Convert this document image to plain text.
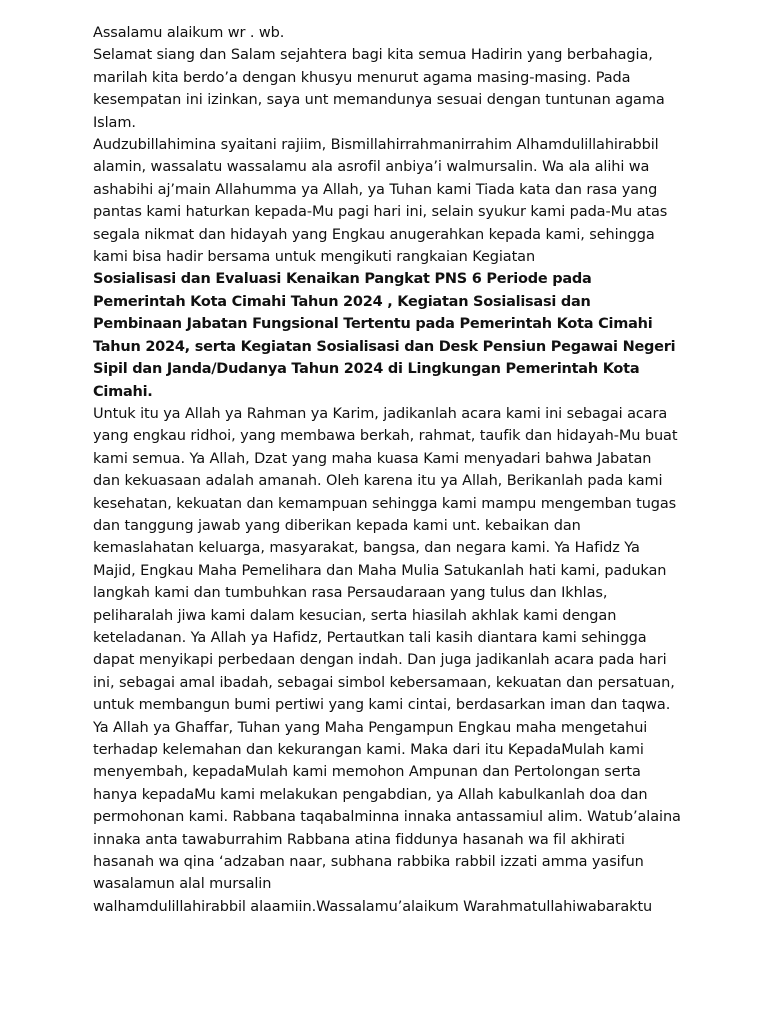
Assalamu alaikum wr . wb.

Selamat siang dan Salam sejahtera bagi kita semua Hadirin yang berbahagia, marilah kita berdo’a dengan khusyu menurut agama masing-masing. Pada kesempatan ini izinkan, saya unt memandunya sesuai dengan tuntunan agama Islam.

Audzubillahimina syaitani rajiim, Bismillahirrahmanirrahim Alhamdulillahirabbil alamin, wassalatu wassalamu ala asrofil anbiya’i walmursalin. Wa ala alihi wa ashabihi aj’main Allahumma ya Allah, ya Tuhan kami Tiada kata dan rasa yang pantas kami haturkan kepada-Mu pagi hari ini, selain syukur kami pada-Mu atas segala nikmat dan hidayah yang Engkau anugerahkan kepada kami, sehingga kami bisa hadir bersama untuk mengikuti rangkaian Kegiatan

Sosialisasi dan Evaluasi Kenaikan Pangkat PNS 6 Periode pada Pemerintah Kota Cimahi Tahun 2024 , Kegiatan Sosialisasi dan Pembinaan Jabatan Fungsional Tertentu pada Pemerintah Kota Cimahi Tahun 2024, serta Kegiatan Sosialisasi dan Desk Pensiun Pegawai Negeri Sipil dan Janda/Dudanya Tahun 2024 di Lingkungan Pemerintah Kota Cimahi.

Untuk itu ya Allah ya Rahman ya Karim, jadikanlah acara kami ini sebagai acara yang engkau ridhoi, yang membawa berkah, rahmat, taufik dan hidayah-Mu buat kami semua. Ya Allah, Dzat yang maha kuasa Kami menyadari bahwa Jabatan dan kekuasaan adalah amanah. Oleh karena itu ya Allah, Berikanlah pada kami kesehatan, kekuatan dan kemampuan sehingga kami mampu mengemban tugas dan tanggung jawab yang diberikan kepada kami unt. kebaikan dan kemaslahatan keluarga, masyarakat, bangsa, dan negara kami. Ya Hafidz Ya Majid, Engkau Maha Pemelihara dan Maha Mulia Satukanlah hati kami, padukan langkah kami dan tumbuhkan rasa Persaudaraan yang tulus dan Ikhlas, peliharalah jiwa kami dalam kesucian, serta hiasilah akhlak kami dengan keteladanan. Ya Allah ya Hafidz, Pertautkan tali kasih diantara kami sehingga dapat menyikapi perbedaan dengan indah. Dan juga jadikanlah acara pada hari ini, sebagai amal ibadah, sebagai simbol kebersamaan, kekuatan dan persatuan, untuk membangun bumi pertiwi yang kami cintai, berdasarkan iman dan taqwa. Ya Allah ya Ghaffar, Tuhan yang Maha Pengampun Engkau maha mengetahui terhadap kelemahan dan kekurangan kami. Maka dari itu KepadaMulah kami menyembah, kepadaMulah kami memohon Ampunan dan Pertolongan serta hanya kepadaMu kami melakukan pengabdian, ya Allah kabulkanlah doa dan permohonan kami. Rabbana taqabalminna innaka antassamiul alim. Watub’alaina innaka anta tawaburrahim Rabbana atina fiddunya hasanah wa fil akhirati hasanah wa qina ‘adzaban naar, subhana rabbika rabbil izzati amma yasifun wasalamun alal mursalin

walhamdulillahirabbil alaamiin.Wassalamu’alaikum Warahmatullahiwabaraktu
